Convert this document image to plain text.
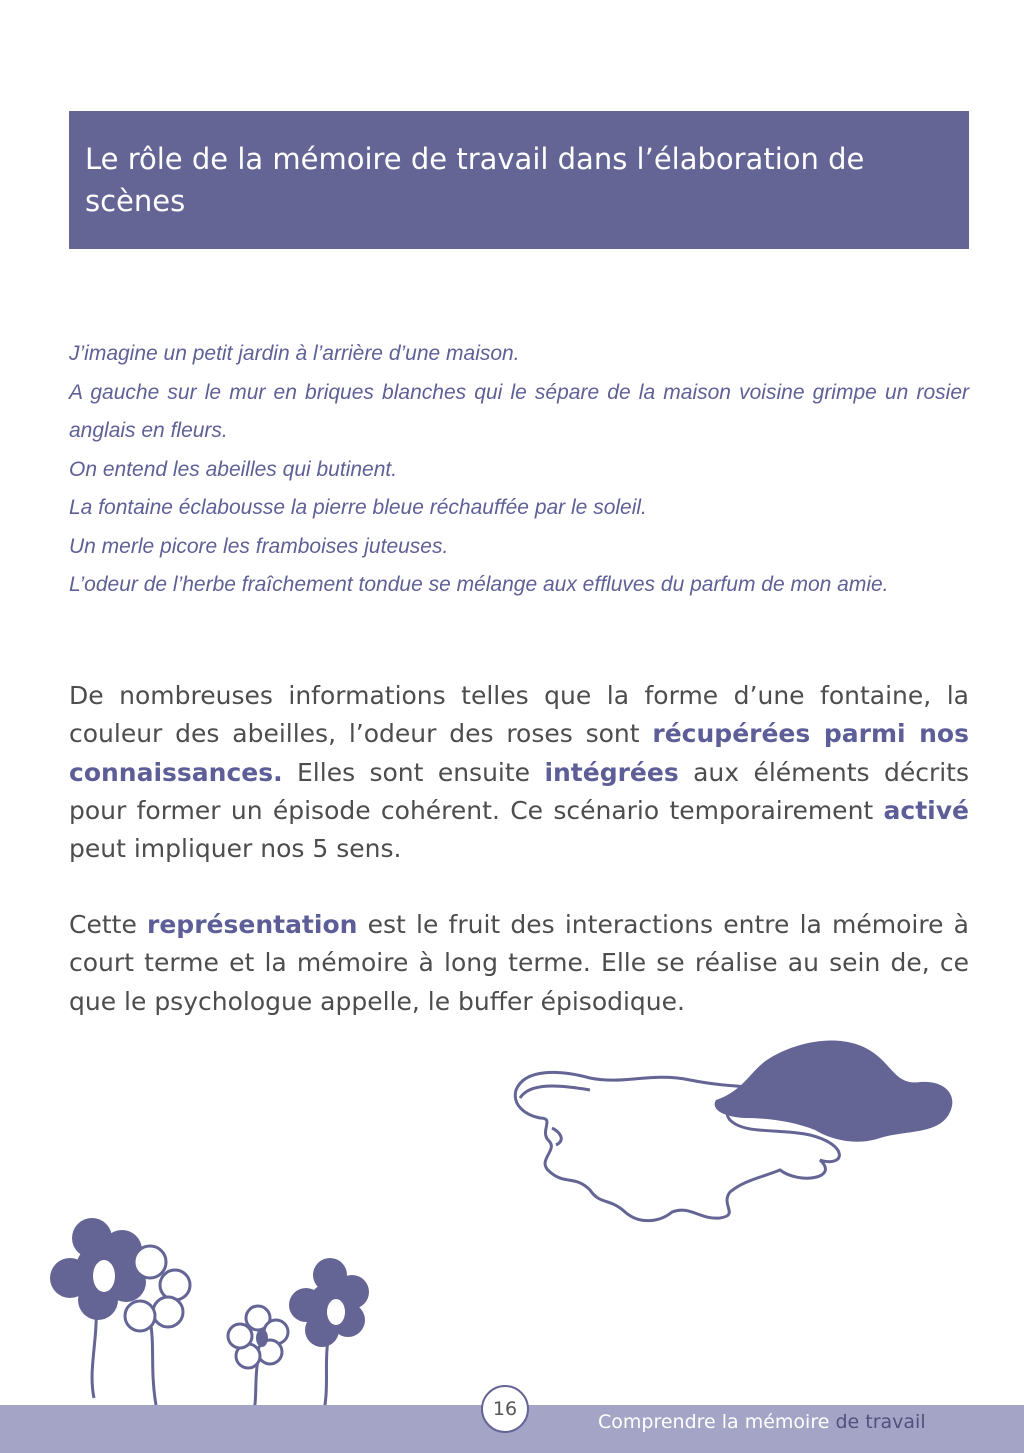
Le rôle de la mémoire de travail dans l’élaboration de scènes
J’imagine un petit jardin à l’arrière d’une maison.
A gauche sur le mur en briques blanches qui le sépare de la maison voisine grimpe un rosier
anglais en fleurs.
On entend les abeilles qui butinent.
La fontaine éclabousse la pierre bleue réchauffée par le soleil.
Un merle picore les framboises juteuses.
L’odeur de l’herbe fraîchement tondue se mélange aux effluves du parfum de mon amie.

De nombreuses informations telles que la forme d’une fontaine, la couleur des abeilles, l’odeur des roses sont récupérées parmi nos connaissances. Elles sont ensuite intégrées aux éléments décrits pour former un épisode cohérent. Ce scénario temporairement activé peut impliquer nos 5 sens.

Cette représentation est le fruit des interactions entre la mémoire à court terme et la mémoire à long terme. Elle se réalise au sein de, ce que le psychologue appelle, le buffer épisodique.

16
Comprendre la mémoire de travail
